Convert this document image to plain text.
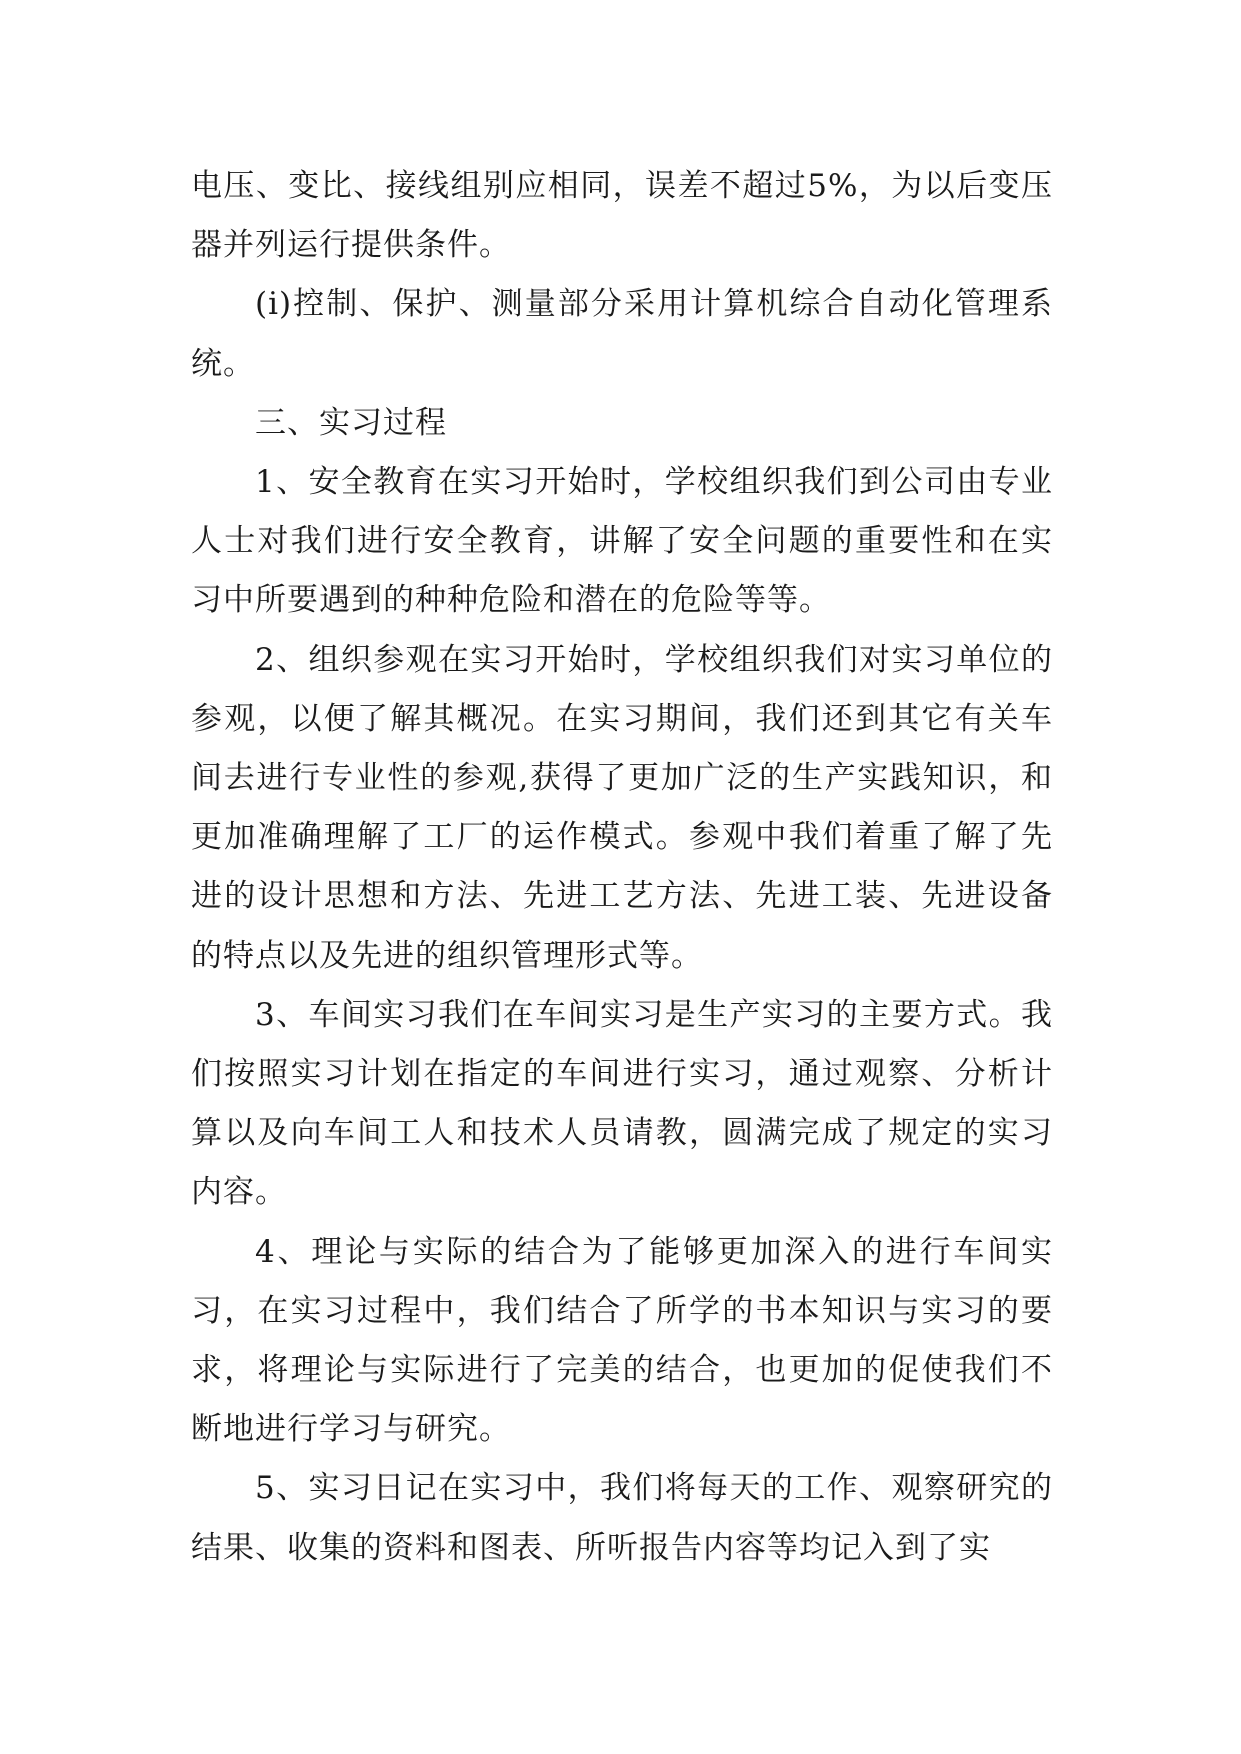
电压、变比、接线组别应相同，误差不超过5%，为以后变压器并列运行提供条件。

(i)控制、保护、测量部分采用计算机综合自动化管理系统。

三、实习过程

1、安全教育在实习开始时，学校组织我们到公司由专业人士对我们进行安全教育，讲解了安全问题的重要性和在实习中所要遇到的种种危险和潜在的危险等等。

2、组织参观在实习开始时，学校组织我们对实习单位的参观，以便了解其概况。在实习期间，我们还到其它有关车间去进行专业性的参观,获得了更加广泛的生产实践知识，和更加准确理解了工厂的运作模式。参观中我们着重了解了先进的设计思想和方法、先进工艺方法、先进工装、先进设备的特点以及先进的组织管理形式等。

3、车间实习我们在车间实习是生产实习的主要方式。我们按照实习计划在指定的车间进行实习，通过观察、分析计算以及向车间工人和技术人员请教，圆满完成了规定的实习内容。

4、理论与实际的结合为了能够更加深入的进行车间实习，在实习过程中，我们结合了所学的书本知识与实习的要求，将理论与实际进行了完美的结合，也更加的促使我们不断地进行学习与研究。

5、实习日记在实习中，我们将每天的工作、观察研究的结果、收集的资料和图表、所听报告内容等均记入到了实
